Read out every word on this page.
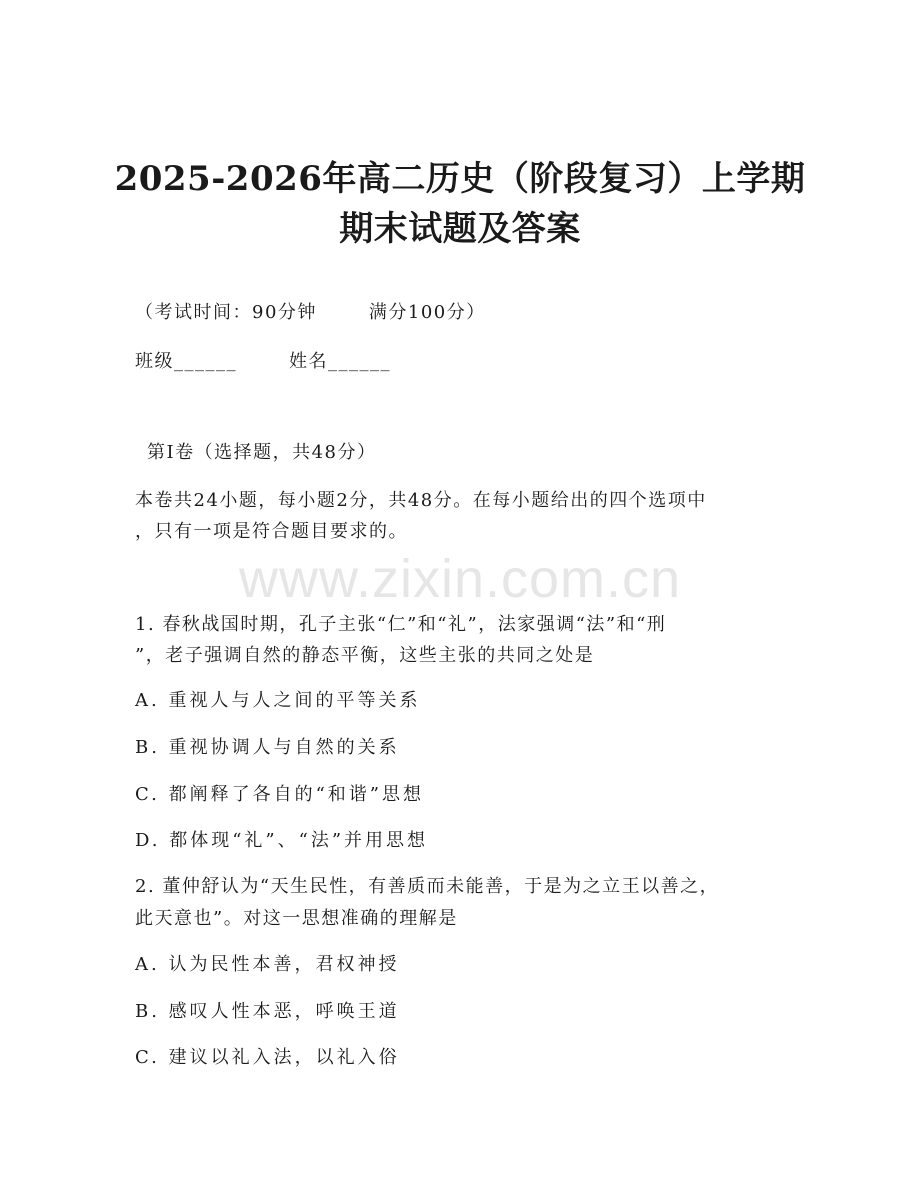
2025-2026年高二历史（阶段复习）上学期
期末试题及答案
（考试时间：90分钟	满分100分）
班级______	姓名______
第I卷（选择题，共48分）
本卷共24小题，每小题2分，共48分。在每小题给出的四个选项中
，只有一项是符合题目要求的。
www.zixin.com.cn
1. 春秋战国时期，孔子主张“仁”和“礼”，法家强调“法”和“刑
”，老子强调自然的静态平衡，这些主张的共同之处是
A. 重视人与人之间的平等关系
B. 重视协调人与自然的关系
C. 都阐释了各自的“和谐”思想
D. 都体现“礼”、“法”并用思想
2. 董仲舒认为“天生民性，有善质而未能善，于是为之立王以善之，
此天意也”。对这一思想准确的理解是
A. 认为民性本善，君权神授
B. 感叹人性本恶，呼唤王道
C. 建议以礼入法，以礼入俗
